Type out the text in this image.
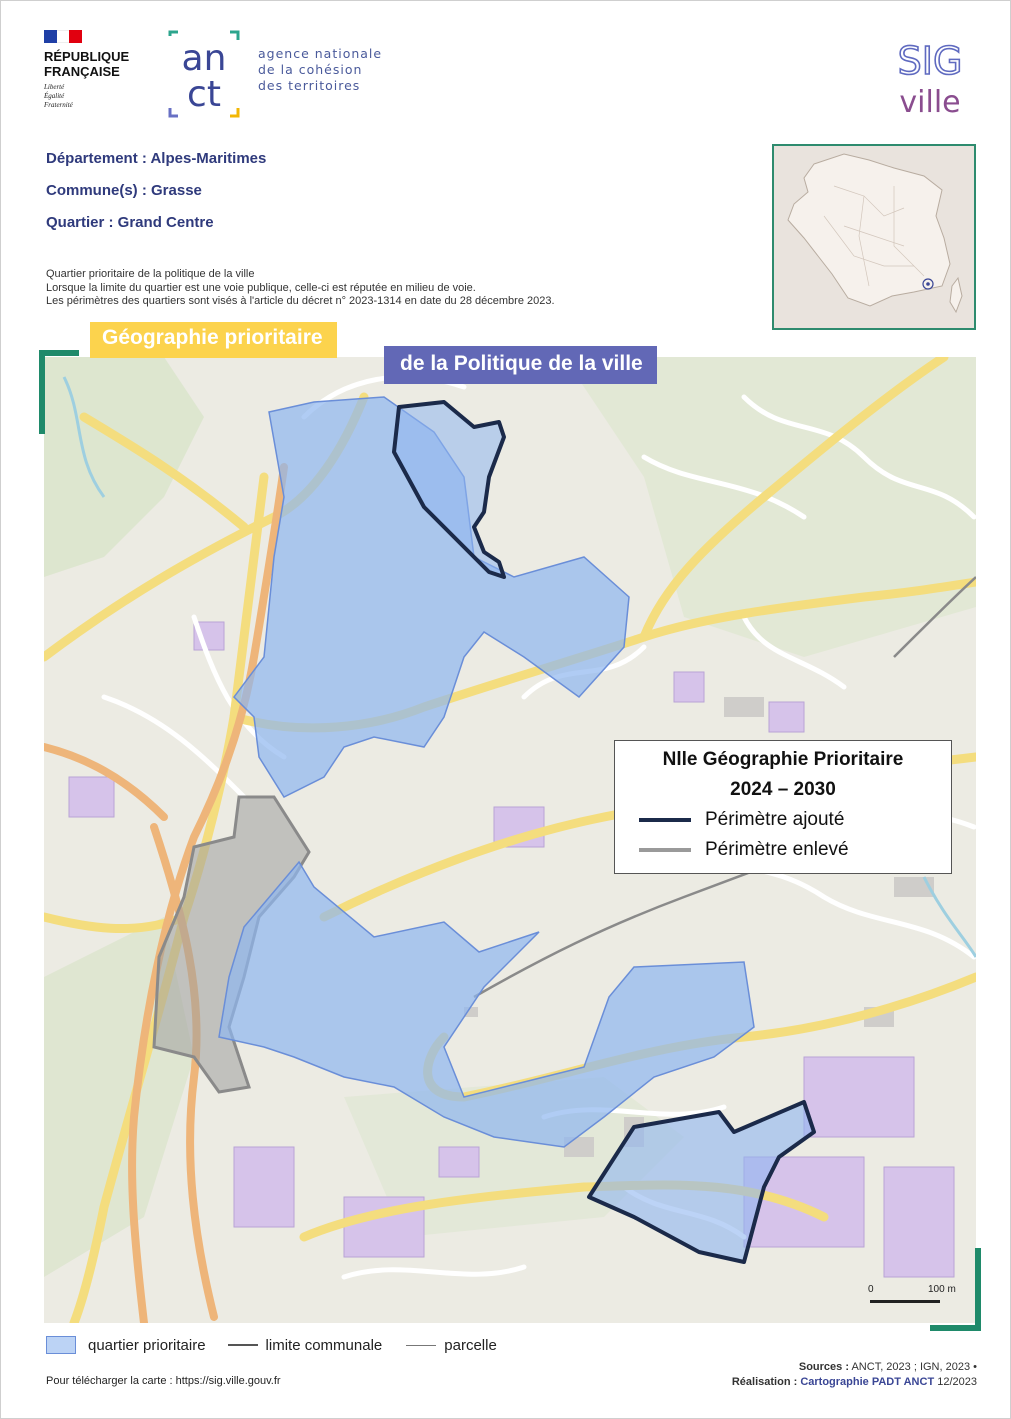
RÉPUBLIQUE
FRANÇAISE
Liberté
Égalité
Fraternité
an
ct
agence nationale
de la cohésion
des territoires
SIG
ville
Département : Alpes-Maritimes
Commune(s) : Grasse
Quartier : Grand Centre
Quartier prioritaire de la politique de la ville
Lorsque la limite du quartier est une voie publique, celle-ci est réputée en milieu de voie.
Les périmètres des quartiers sont visés à l'article du décret n° 2023-1314 en date du 28 décembre 2023.
Géographie prioritaire
de la Politique de la ville
Nlle Géographie Prioritaire
2024 – 2030
Périmètre ajouté
Périmètre enlevé
0	100 m
quartier prioritaire	limite communale	parcelle
Pour télécharger la carte : https://sig.ville.gouv.fr
Sources : ANCT, 2023 ; IGN, 2023 •
Réalisation : Cartographie PADT ANCT 12/2023
